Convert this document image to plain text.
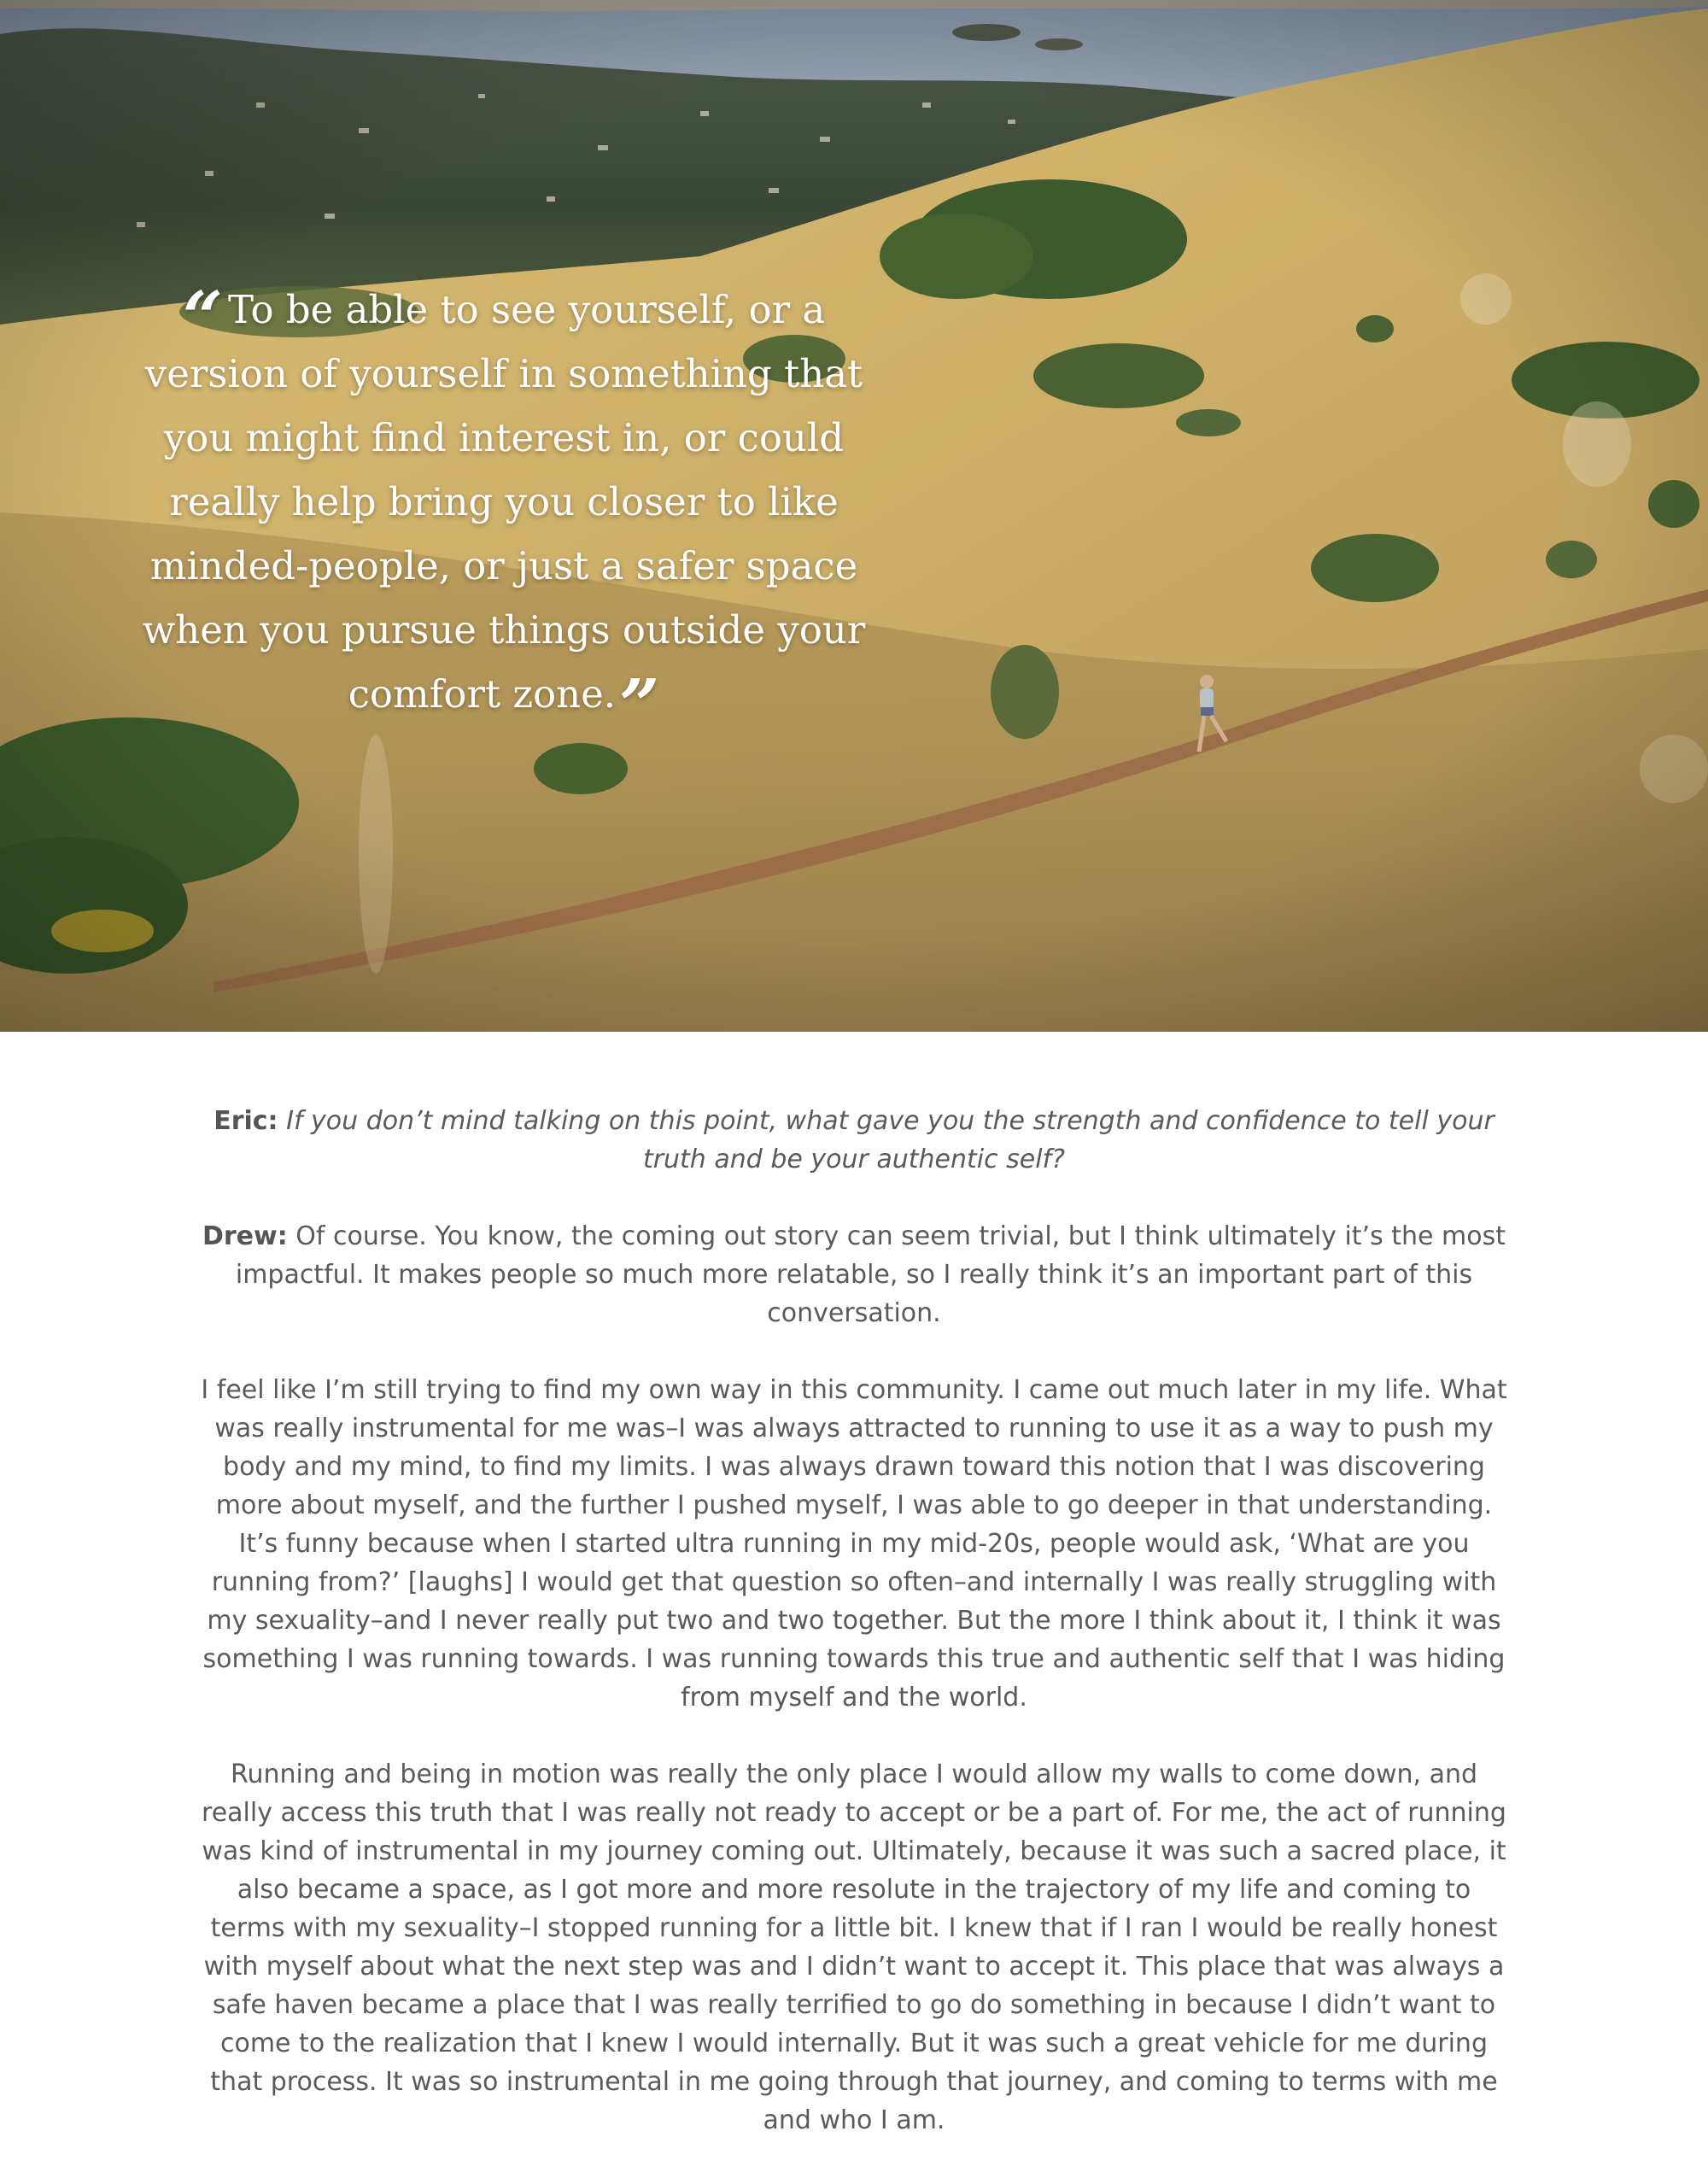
“ To be able to see yourself, or a version of yourself in something that you might find interest in, or could really help bring you closer to like minded-people, or just a safer space when you pursue things outside your comfort zone.”

Eric: If you don’t mind talking on this point, what gave you the strength and confidence to tell your truth and be your authentic self?

Drew: Of course. You know, the coming out story can seem trivial, but I think ultimately it’s the most impactful. It makes people so much more relatable, so I really think it’s an important part of this conversation.

I feel like I’m still trying to find my own way in this community. I came out much later in my life. What was really instrumental for me was–I was always attracted to running to use it as a way to push my body and my mind, to find my limits. I was always drawn toward this notion that I was discovering more about myself, and the further I pushed myself, I was able to go deeper in that understanding. It’s funny because when I started ultra running in my mid-20s, people would ask, ‘What are you running from?’ [laughs] I would get that question so often–and internally I was really struggling with my sexuality–and I never really put two and two together. But the more I think about it, I think it was something I was running towards. I was running towards this true and authentic self that I was hiding from myself and the world.

Running and being in motion was really the only place I would allow my walls to come down, and really access this truth that I was really not ready to accept or be a part of. For me, the act of running was kind of instrumental in my journey coming out. Ultimately, because it was such a sacred place, it also became a space, as I got more and more resolute in the trajectory of my life and coming to terms with my sexuality–I stopped running for a little bit. I knew that if I ran I would be really honest with myself about what the next step was and I didn’t want to accept it. This place that was always a safe haven became a place that I was really terrified to go do something in because I didn’t want to come to the realization that I knew I would internally. But it was such a great vehicle for me during that process. It was so instrumental in me going through that journey, and coming to terms with me and who I am.
